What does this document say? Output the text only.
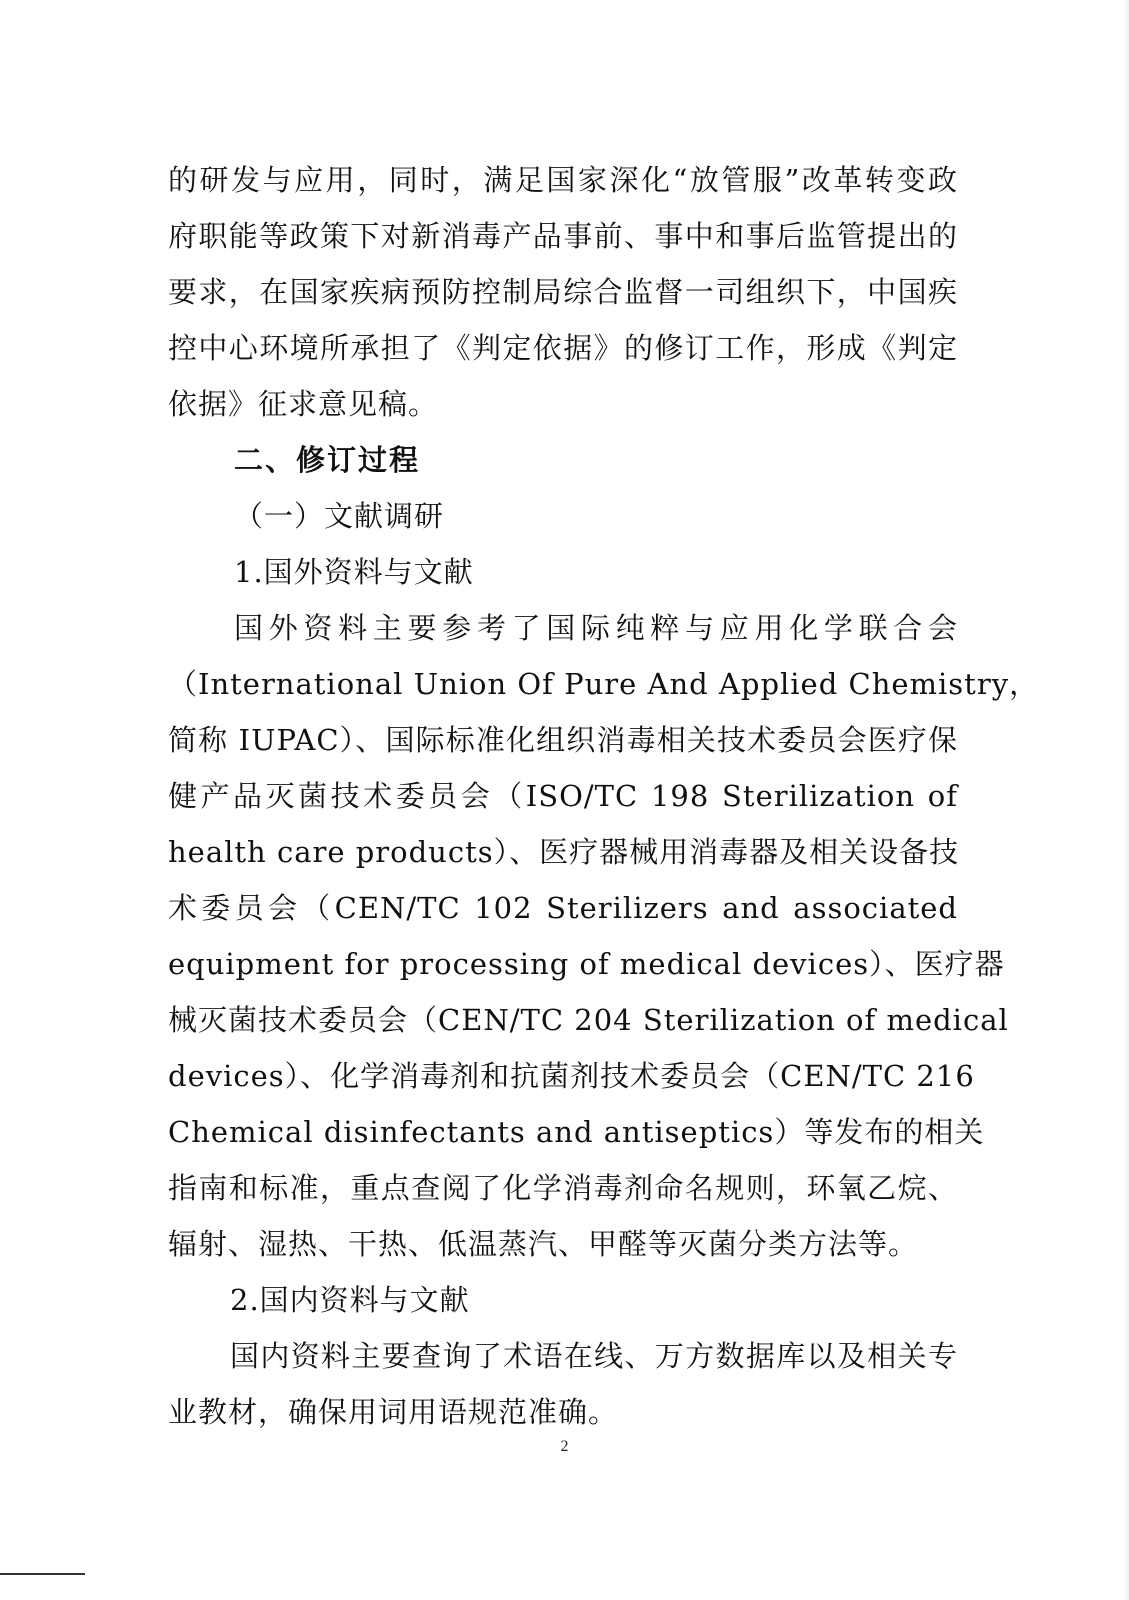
的研发与应用，同时，满足国家深化“放管服”改革转变政

府职能等政策下对新消毒产品事前、事中和事后监管提出的

要求，在国家疾病预防控制局综合监督一司组织下，中国疾

控中心环境所承担了《判定依据》的修订工作，形成《判定

依据》征求意见稿。

二、修订过程

（一）文献调研

1.国外资料与文献

国外资料主要参考了国际纯粹与应用化学联合会

（International Union Of Pure And Applied Chemistry，

简称 IUPAC）、国际标准化组织消毒相关技术委员会医疗保

健产品灭菌技术委员会（ISO/TC 198 Sterilization of

health care products）、医疗器械用消毒器及相关设备技

术委员会（CEN/TC 102 Sterilizers and associated

equipment for processing of medical devices）、医疗器

械灭菌技术委员会（CEN/TC 204 Sterilization of medical

devices）、化学消毒剂和抗菌剂技术委员会（CEN/TC 216

Chemical disinfectants and antiseptics）等发布的相关

指南和标准，重点查阅了化学消毒剂命名规则，环氧乙烷、

辐射、湿热、干热、低温蒸汽、甲醛等灭菌分类方法等。

2.国内资料与文献

国内资料主要查询了术语在线、万方数据库以及相关专

业教材，确保用词用语规范准确。

2
